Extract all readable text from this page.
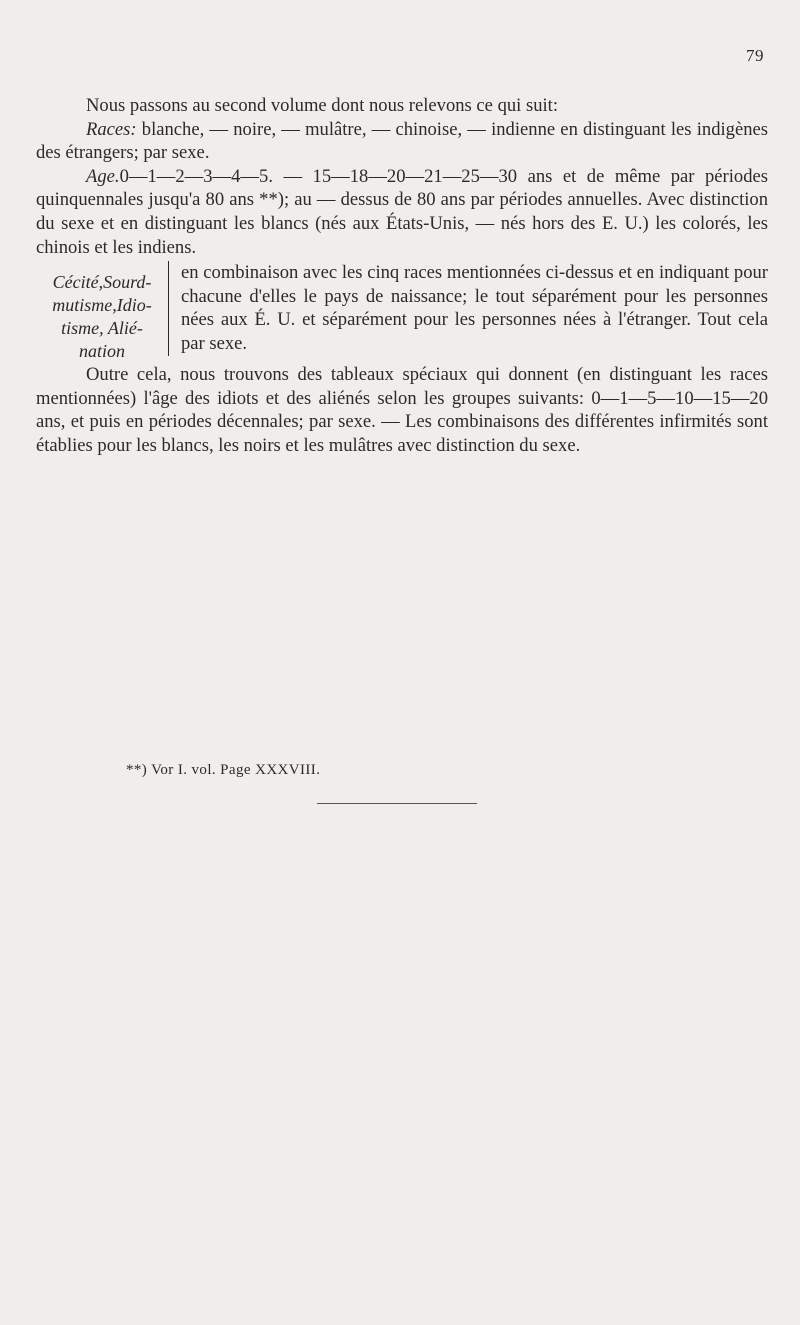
79

Nous passons au second volume dont nous relevons ce qui suit:

Races: blanche, — noire, — mulâtre, — chinoise, — indienne en distinguant les indigènes des étrangers; par sexe.

Age.0—1—2—3—4—5. — 15—18—20—21—25—30 ans et de même par périodes quinquennales jusqu'a 80 ans **); au — dessus de 80 ans par périodes annuelles. Avec distinction du sexe et en distinguant les blancs (nés aux États-Unis, — nés hors des E. U.) les colorés, les chinois et les indiens.

Cécité,Sourd-
mutisme,Idio-
tisme, Alié-
nation
en combinaison avec les cinq races mentionnées ci-dessus et en indiquant pour chacune d'elles le pays de naissance; le tout séparément pour les personnes nées aux É. U. et séparément pour les personnes nées à l'étranger. Tout cela par sexe.

Outre cela, nous trouvons des tableaux spéciaux qui donnent (en distinguant les races mentionnées) l'âge des idiots et des aliénés selon les groupes suivants: 0—1—5—10—15—20 ans, et puis en périodes décennales; par sexe. — Les combinaisons des différentes infirmités sont établies pour les blancs, les noirs et les mulâtres avec distinction du sexe.

**) Vor I. vol. Page XXXVIII.
